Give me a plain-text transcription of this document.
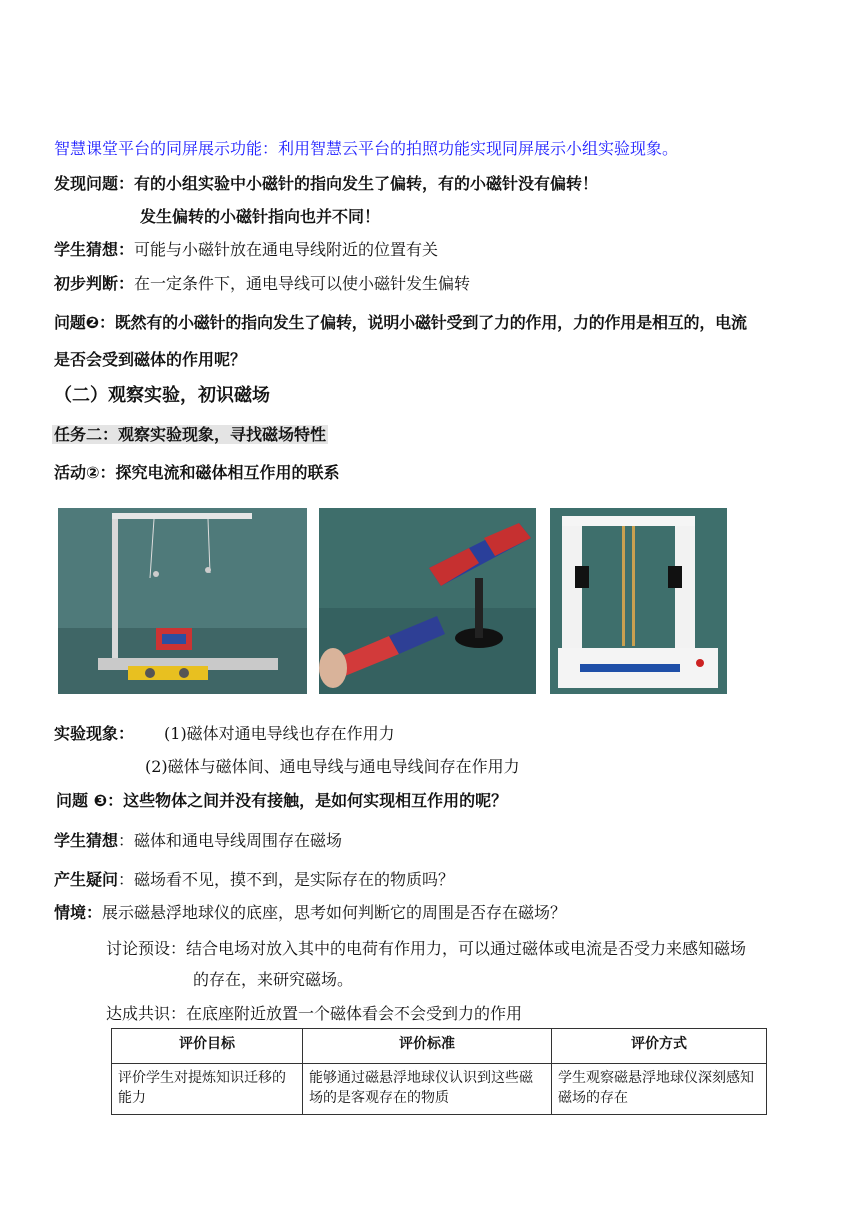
智慧课堂平台的同屏展示功能：利用智慧云平台的拍照功能实现同屏展示小组实验现象。
发现问题：有的小组实验中小磁针的指向发生了偏转，有的小磁针没有偏转！
发生偏转的小磁针指向也并不同！
学生猜想：可能与小磁针放在通电导线附近的位置有关
初步判断：在一定条件下，通电导线可以使小磁针发生偏转
问题❷：既然有的小磁针的指向发生了偏转，说明小磁针受到了力的作用，力的作用是相互的，电流
是否会受到磁体的作用呢？
（二）观察实验，初识磁场
任务二：观察实验现象，寻找磁场特性
活动②：探究电流和磁体相互作用的联系
实验现象： (1)磁体对通电导线也存在作用力
(2)磁体与磁体间、通电导线与通电导线间存在作用力
问题 ❸：这些物体之间并没有接触，是如何实现相互作用的呢？
学生猜想：磁体和通电导线周围存在磁场
产生疑问：磁场看不见，摸不到，是实际存在的物质吗？
情境：展示磁悬浮地球仪的底座，思考如何判断它的周围是否存在磁场？
讨论预设：结合电场对放入其中的电荷有作用力，可以通过磁体或电流是否受力来感知磁场
的存在，来研究磁场。
达成共识：在底座附近放置一个磁体看会不会受到力的作用
评价目标	评价标准	评价方式
评价学生对提炼知识迁移的能力	能够通过磁悬浮地球仪认识到这些磁场的是客观存在的物质	学生观察磁悬浮地球仪深刻感知磁场的存在
